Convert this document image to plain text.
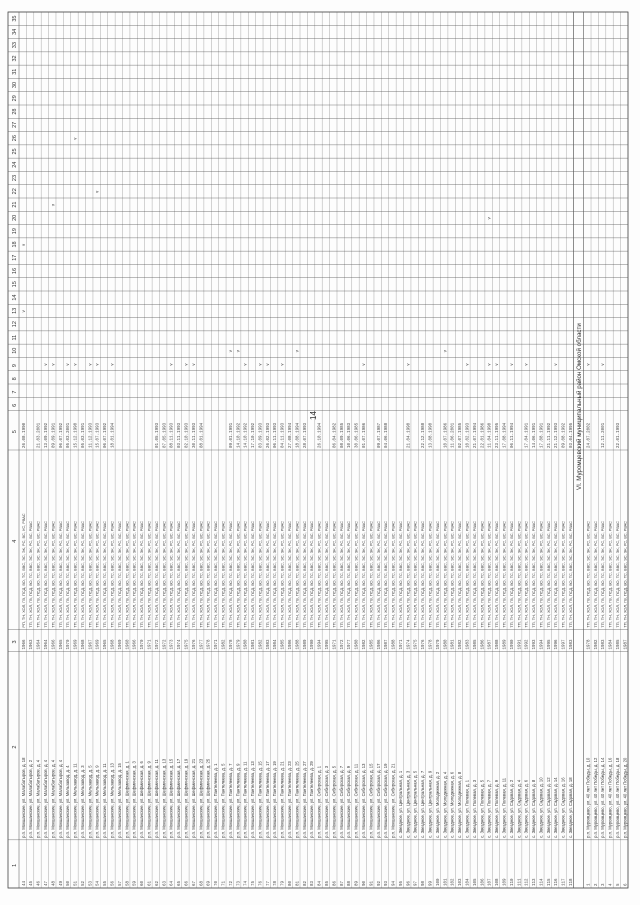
14
1
2
3
4
5
6
7
8
9
10
11
12
13
14
15
16
17
18
19
20
21
22
23
24
25
26
27
28
29
30
31
32
33
34
35
44
р.п. Мокшанские, ул. Малабатыров, д. 18
1966
РП, ТН, ХОЛ, ГВ, ПСД, ВО, ТС, ВВС, ЭС, ЭК, РС, ВС, УС, РВАС
26.08.1990
v
v
45
р.п. Мокшанские, ул. Малабатыров, д. 2
1963
ТП, ТН, ХОЛ, ГВ, ПСД, ВО, ТС, ВВС, ЭС, ЭК, РС, ВС, РВАС
46
р.п. Мокшанские, ул. Малабатыров, д. 4
1964
ТП, ТН, ХОЛ, ГВ, ПСД, ВО, ТС, ВВС, ЭС, ЭК, РС, ВС, РВАС
21.03.2001
47
р.п. Мокшанские, ул. Малабатыров, д. 4
1964
ТП, ТН, ХОЛ, ГВ, ПСД, ВО, ТС, ВВС, ЭС, ЭК, РС, ВС, РВАС
13.09.1992
v
48
р.п. Мокшанские, ул. Малабатыров, д. 4
1966
ТП, ТН, ХОЛ, ГВ, ПСД, ВО, ТС, ВВС, ЭС, ЭК, РС, ВС, РВАС
09.09.1991
v
v
49
р.п. Мокшанские, ул. Малабатыров, д. 4
1965
ТП, ТН, ХОЛ, ГВ, ПСД, ВО, ТС, ВВС, ЭС, ЭК, РС, ВС, РВАС
06.07.1992
50
р.п. Мокшанские, ул. Мельзавод, д. 4
1970
ТП, ТН, ХОЛ, ГВ, ПСД, ВО, ТС, ВВС, ЭС, ЭК, РС, ВС, РВАС
05.03.2001
v
51
р.п. Мокшанские, ул. Мельзавод, д. 11
1969
ТП, ТН, ХОЛ, ГВ, ПСД, ВО, ТС, ВВС, ЭС, ЭК, РС, ВС, РВАС
15.12.1990
v
v
52
р.п. Мокшанские, ул. Мельзавод, д. 3
1968
ТП, ТН, ХОЛ, ГВ, ПСД, ВО, ТС, ВВС, ЭС, ЭК, РС, ВС, РВАС
05.03.1991
53
р.п. Мокшанские, ул. Мельзавод, д. 5
1967
ТП, ТН, ХОЛ, ГВ, ПСД, ВО, ТС, ВВС, ЭС, ЭК, РС, ВС, РВАС
11.12.1993
v
54
р.п. Мокшанские, ул. Мельзавод, д. 9
1969
ТП, ТН, ХОЛ, ГВ, ПСД, ВО, ТС, ВВС, ЭС, ЭК, РС, ВС, РВАС
15.07.1993
v
v
55
р.п. Мокшанские, ул. Мельзавод, д. 11
1965
ТП, ТН, ХОЛ, ГВ, ПСД, ВО, ТС, ВВС, ЭС, ЭК, РС, ВС, РВАС
06.07.1992
56
р.п. Мокшанские, ул. Мельзавод, д. 13
1968
ТП, ТН, ХОЛ, ГВ, ПСД, ВО, ТС, ВВС, ЭС, ЭК, РС, ВС, РВАС
18.01.1994
v
57
р.п. Мокшанские, ул. Мельзавод, д. 15
1969
ТП, ТН, ХОЛ, ГВ, ПСД, ВО, ТС, ВВС, ЭС, ЭК, РС, ВС, РВАС
58
р.п. Мокшанские, ул. Шефминская, д. 1
1960
ТП, ТН, ХОЛ, ГВ, ПСД, ВО, ТС, ВВС, ЭС, ЭК, РС, ВС, РВАС
59
р.п. Мокшанские, ул. Шефминская, д. 3
1966
ТП, ТН, ХОЛ, ГВ, ПСД, ВО, ТС, ВВС, ЭС, ЭК, РС, ВС, РВАС
60
р.п. Мокшанские, ул. Шефминская, д. 6
1970
ТП, ТН, ХОЛ, ГВ, ПСД, ВО, ТС, ВВС, ЭС, ЭК, РС, ВС, РВАС
61
р.п. Мокшанские, ул. Шефминская, д. 9
1971
ТП, ТН, ХОЛ, ГВ, ПСД, ВО, ТС, ВВС, ЭС, ЭК, РС, ВС, РВАС
62
р.п. Мокшанские, ул. Шефминская, д. 11
1972
ТП, ТН, ХОЛ, ГВ, ПСД, ВО, ТС, ВВС, ЭС, ЭК, РС, ВС, РВАС
01.05.1993
63
р.п. Мокшанские, ул. Шефминская, д. 13
1972
ТП, ТН, ХОЛ, ГВ, ПСД, ВО, ТС, ВВС, ЭС, ЭК, РС, ВС, РВАС
07.05.1993
64
р.п. Мокшанские, ул. Шефминская, д. 15
1973
ТП, ТН, ХОЛ, ГВ, ПСД, ВО, ТС, ВВС, ЭС, ЭК, РС, ВС, РВАС
08.11.1993
v
65
р.п. Мокшанские, ул. Шефминская, д. 17
1974
ТП, ТН, ХОЛ, ГВ, ПСД, ВО, ТС, ВВС, ЭС, ЭК, РС, ВС, РВАС
03.11.1993
66
р.п. Мокшанские, ул. Шефминская, д. 19
1975
ТП, ТН, ХОЛ, ГВ, ПСД, ВО, ТС, ВВС, ЭС, ЭК, РС, ВС, РВАС
02.10.1993
v
67
р.п. Мокшанские, ул. Шефминская, д. 21
1976
ТП, ТН, ХОЛ, ГВ, ПСД, ВО, ТС, ВВС, ЭС, ЭК, РС, ВС, РВАС
30.11.1993
v
68
р.п. Мокшанские, ул. Шефминская, д. 23
1977
ТП, ТН, ХОЛ, ГВ, ПСД, ВО, ТС, ВВС, ЭС, ЭК, РС, ВС, РВАС
08.01.1994
69
р.п. Мокшанские, ул. Шефминская, д. 25
1978
ТП, ТН, ХОЛ, ГВ, ПСД, ВО, ТС, ВВС, ЭС, ЭК, РС, ВС, РВАС
70
р.п. Мокшанские, ул. Пантелеева, д. 1
1971
ТП, ТН, ХОЛ, ГВ, ПСД, ВО, ТС, ВВС, ЭС, ЭК, РС, ВС, РВАС
71
р.п. Мокшанские, ул. Пантелеева, д. 5
1982
ТП, ТН, ХОЛ, ГВ, ПСД, ВО, ТС, ВВС, ЭС, ЭК, РС, ВС, РВАС
72
р.п. Мокшанские, ул. Пантелеева, д. 7
1978
ТП, ТН, ХОЛ, ГВ, ПСД, ВО, ТС, ВВС, ЭС, ЭК, РС, ВС, РВАС
09.01.1991
v
73
р.п. Мокшанские, ул. Пантелеева, д. 9
1979
ТП, ТН, ХОЛ, ГВ, ПСД, ВО, ТС, ВВС, ЭС, ЭК, РС, ВС, РВАС
14.10.1992
v
74
р.п. Мокшанские, ул. Пантелеева, д. 11
1980
ТП, ТН, ХОЛ, ГВ, ПСД, ВО, ТС, ВВС, ЭС, ЭК, РС, ВС, РВАС
14.10.1992
v
75
р.п. Мокшанские, ул. Пантелеева, д. 13
1981
ТП, ТН, ХОЛ, ГВ, ПСД, ВО, ТС, ВВС, ЭС, ЭК, РС, ВС, РВАС
17.10.1992
76
р.п. Мокшанские, ул. Пантелеева, д. 15
1982
ТП, ТН, ХОЛ, ГВ, ПСД, ВО, ТС, ВВС, ЭС, ЭК, РС, ВС, РВАС
03.09.1993
v
77
р.п. Мокшанские, ул. Пантелеева, д. 17
1983
ТП, ТН, ХОЛ, ГВ, ПСД, ВО, ТС, ВВС, ЭС, ЭК, РС, ВС, РВАС
26.02.1993
v
78
р.п. Мокшанские, ул. Пантелеева, д. 19
1984
ТП, ТН, ХОЛ, ГВ, ПСД, ВО, ТС, ВВС, ЭС, ЭК, РС, ВС, РВАС
06.11.1993
79
р.п. Мокшанские, ул. Пантелеева, д. 21
1985
ТП, ТН, ХОЛ, ГВ, ПСД, ВО, ТС, ВВС, ЭС, ЭК, РС, ВС, РВАС
04.11.1993
v
80
р.п. Мокшанские, ул. Пантелеева, д. 23
1986
ТП, ТН, ХОЛ, ГВ, ПСД, ВО, ТС, ВВС, ЭС, ЭК, РС, ВС, РВАС
27.08.1994
81
р.п. Мокшанские, ул. Пантелеева, д. 25
1988
ТП, ТН, ХОЛ, ГВ, ПСД, ВО, ТС, ВВС, ЭС, ЭК, РС, ВС, РВАС
18.08.1994
v
82
р.п. Мокшанские, ул. Пантелеева, д. 27
1989
ТП, ТН, ХОЛ, ГВ, ПСД, ВО, ТС, ВВС, ЭС, ЭК, РС, ВС, РВАС
28.07.1993
83
р.п. Мокшанские, ул. Пантелеева, д. 29
1990
ТП, ТН, ХОЛ, ГВ, ПСД, ВО, ТС, ВВС, ЭС, ЭК, РС, ВС, РВАС
84
р.п. Мокшанские, ул. Сибирская, д. 1
1994
ТП, ТН, ХОЛ, ГВ, ПСД, ВО, ТС, ВВС, ЭС, ЭК, РС, ВС, РВАС
26.10.1994
85
р.п. Мокшанские, ул. Сибирская, д. 3
1995
ТП, ТН, ХОЛ, ГВ, ПСД, ВО, ТС, ВВС, ЭС, ЭК, РС, ВС, РВАС
86
р.п. Мокшанские, ул. Сибирская, д. 5
1971
ТП, ТН, ХОЛ, ГВ, ПСД, ВО, ТС, ВВС, ЭС, ЭК, РС, ВС, РВАС
06.04.1982
87
р.п. Мокшанские, ул. Сибирская, д. 7
1972
ТП, ТН, ХОЛ, ГВ, ПСД, ВО, ТС, ВВС, ЭС, ЭК, РС, ВС, РВАС
08.09.1985
88
р.п. Мокшанские, ул. Сибирская, д. 9
1977
ТП, ТН, ХОЛ, ГВ, ПСД, ВО, ТС, ВВС, ЭС, ЭК, РС, ВС, РВАС
10.06.1983
89
р.п. Мокшанские, ул. Сибирская, д. 11
1980
ТП, ТН, ХОЛ, ГВ, ПСД, ВО, ТС, ВВС, ЭС, ЭК, РС, ВС, РВАС
30.06.1985
90
р.п. Мокшанские, ул. Сибирская, д. 13
1982
ТП, ТН, ХОЛ, ГВ, ПСД, ВО, ТС, ВВС, ЭС, ЭК, РС, ВС, РВАС
01.07.1986
v
91
р.п. Мокшанские, ул. Сибирская, д. 15
1985
ТП, ТН, ХОЛ, ГВ, ПСД, ВО, ТС, ВВС, ЭС, ЭК, РС, ВС, РВАС
92
р.п. Мокшанские, ул. Сибирская, д. 17
1986
ТП, ТН, ХОЛ, ГВ, ПСД, ВО, ТС, ВВС, ЭС, ЭК, РС, ВС, РВАС
09.07.1987
93
р.п. Мокшанские, ул. Сибирская, д. 19
1987
ТП, ТН, ХОЛ, ГВ, ПСД, ВО, ТС, ВВС, ЭС, ЭК, РС, ВС, РВАС
04.06.1988
94
р.п. Мокшанские, ул. Сибирская, д. 21
1988
ТП, ТН, ХОЛ, ГВ, ПСД, ВО, ТС, ВВС, ЭС, ЭК, РС, ВС, РВАС
95
с. Звездное, ул. Центральная, д. 1
1971
ТП, ТН, ХОЛ, ГВ, ПСД, ВО, ТС, ВВС, ЭС, ЭК, РС, ВС, РВАС
96
с. Звездное, ул. Центральная, д. 3
1974
ТП, ТН, ХОЛ, ГВ, ПСД, ВО, ТС, ВВС, ЭС, ЭК, РС, ВС, РВАС
21.04.1990
v
97
с. Звездное, ул. Центральная, д. 5
1975
ТП, ТН, ХОЛ, ГВ, ПСД, ВО, ТС, ВВС, ЭС, ЭК, РС, ВС, РВАС
98
с. Звездное, ул. Центральная, д. 7
1976
ТП, ТН, ХОЛ, ГВ, ПСД, ВО, ТС, ВВС, ЭС, ЭК, РС, ВС, РВАС
22.12.1988
99
с. Звездное, ул. Центральная, д. 9
1978
ТП, ТН, ХОЛ, ГВ, ПСД, ВО, ТС, ВВС, ЭС, ЭК, РС, ВС, РВАС
13.08.1990
100
с. Звездное, ул. Молодежная, д. 2
1979
ТП, ТН, ХОЛ, ГВ, ПСД, ВО, ТС, ВВС, ЭС, ЭК, РС, ВС, РВАС
101
с. Звездное, ул. Молодежная, д. 4
1980
ТП, ТН, ХОЛ, ГВ, ПСД, ВО, ТС, ВВС, ЭС, ЭК, РС, ВС, РВАС
10.07.1986
v
102
с. Звездное, ул. Молодежная, д. 6
1981
ТП, ТН, ХОЛ, ГВ, ПСД, ВО, ТС, ВВС, ЭС, ЭК, РС, ВС, РВАС
11.06.2001
103
с. Звездное, ул. Молодежная, д. 8
1982
ТП, ТН, ХОЛ, ГВ, ПСД, ВО, ТС, ВВС, ЭС, ЭК, РС, ВС, РВАС
02.07.1985
104
с. Звездное, ул. Полевая, д. 1
1983
ТП, ТН, ХОЛ, ГВ, ПСД, ВО, ТС, ВВС, ЭС, ЭК, РС, ВС, РВАС
10.02.1993
v
105
с. Звездное, ул. Полевая, д. 3
1985
ТП, ТН, ХОЛ, ГВ, ПСД, ВО, ТС, ВВС, ЭС, ЭК, РС, ВС, РВАС
21.07.1994
106
с. Звездное, ул. Полевая, д. 5
1986
ТП, ТН, ХОЛ, ГВ, ПСД, ВО, ТС, ВВС, ЭС, ЭК, РС, ВС, РВАС
22.01.1986
107
с. Звездное, ул. Полевая, д. 7
1987
ТП, ТН, ХОЛ, ГВ, ПСД, ВО, ТС, ВВС, ЭС, ЭК, РС, ВС, РВАС
11.04.1990
v
v
108
с. Звездное, ул. Полевая, д. 9
1988
ТП, ТН, ХОЛ, ГВ, ПСД, ВО, ТС, ВВС, ЭС, ЭК, РС, ВС, РВАС
23.11.1995
v
109
с. Звездное, ул. Полевая, д. 11
1989
ТП, ТН, ХОЛ, ГВ, ПСД, ВО, ТС, ВВС, ЭС, ЭК, РС, ВС, РВАС
17.08.1994
110
с. Звездное, ул. Садовая, д. 2
1990
ТП, ТН, ХОЛ, ГВ, ПСД, ВО, ТС, ВВС, ЭС, ЭК, РС, ВС, РВАС
06.11.1994
v
111
с. Звездное, ул. Садовая, д. 4
1991
ТП, ТН, ХОЛ, ГВ, ПСД, ВО, ТС, ВВС, ЭС, ЭК, РС, ВС, РВАС
112
с. Звездное, ул. Садовая, д. 6
1992
ТП, ТН, ХОЛ, ГВ, ПСД, ВО, ТС, ВВС, ЭС, ЭК, РС, ВС, РВАС
17.04.1991
v
113
с. Звездное, ул. Садовая, д. 8
1993
ТП, ТН, ХОЛ, ГВ, ПСД, ВО, ТС, ВВС, ЭС, ЭК, РС, ВС, РВАС
14.06.1991
114
с. Звездное, ул. Садовая, д. 10
1994
ТП, ТН, ХОЛ, ГВ, ПСД, ВО, ТС, ВВС, ЭС, ЭК, РС, ВС, РВАС
17.08.1991
115
с. Звездное, ул. Садовая, д. 12
1995
ТП, ТН, ХОЛ, ГВ, ПСД, ВО, ТС, ВВС, ЭС, ЭК, РС, ВС, РВАС
21.11.1992
116
с. Звездное, ул. Садовая, д. 14
1996
ТП, ТН, ХОЛ, ГВ, ПСД, ВО, ТС, ВВС, ЭС, ЭК, РС, ВС, РВАС
21.12.1993
v
117
с. Звездное, ул. Садовая, д. 16
1997
ТП, ТН, ХОЛ, ГВ, ПСД, ВО, ТС, ВВС, ЭС, ЭК, РС, ВС, РВАС
09.08.1992
118
с. Звездное, ул. Садовая, д. 18
1983
ТП, ТН, ХОЛ, ГВ, ПСД, ВО, ТС, ВВС, ЭС, ЭК, РС, ВС, РВАС
03.04.1995 VI. Муромцевский муниципальный район Омской области
1
р.п. Муромцево, ул. 40 лет Победы, д. 10
1978
ТП, ТН, ХОЛ, ГВ, ПСД, ВО, ТС, ВВС, ЭС, ЭК, РС, ВС, РВАС
24.07.2002
v
2
р.п. Муромцево, ул. 40 лет Победы, д. 12
1982
ТП, ТН, ХОЛ, ГВ, ПСД, ВО, ТС, ВВС, ЭС, ЭК, РС, ВС, РВАС
3
р.п. Муромцево, ул. 40 лет Победы, д. 14
1983
ТП, ТН, ХОЛ, ГВ, ПСД, ВО, ТС, ВВС, ЭС, ЭК, РС, ВС, РВАС
12.11.2001
v
4
р.п. Муромцево, ул. 40 лет Победы, д. 16
1984
ТП, ТН, ХОЛ, ГВ, ПСД, ВО, ТС, ВВС, ЭС, ЭК, РС, ВС, РВАС
5
р.п. Муромцево, ул. 40 лет Победы, д. 18
1985
ТП, ТН, ХОЛ, ГВ, ПСД, ВО, ТС, ВВС, ЭС, ЭК, РС, ВС, РВАС
22.01.1993
6
р.п. Муромцево, ул. 40 лет Победы, д. 20
1987
ТП, ТН, ХОЛ, ГВ, ПСД, ВО, ТС, ВВС, ЭС, ЭК, РС, ВС, РВАС
